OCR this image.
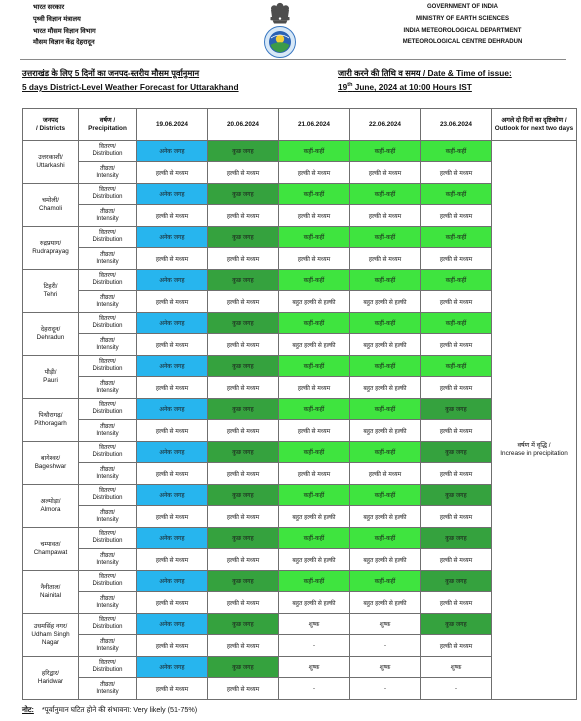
भारत सरकार
पृथ्वी विज्ञान मंत्रालय
भारत मौसम विज्ञान विभाग
मौसम विज्ञान केंद्र देहरादून
GOVERNMENT OF INDIA
MINISTRY OF EARTH SCIENCES
INDIA METEOROLOGICAL DEPARTMENT
METEOROLOGICAL CENTRE DEHRADUN
उत्तराखंड के लिए 5 दिनों का जनपद-स्तरीय मौसम पूर्वानुमान
5 days District-Level Weather Forecast for Uttarakhand
जारी करने की तिथि व समय / Date & Time of issue:
19th June, 2024 at 10:00 Hours IST
जनपद
/ Districts	वर्षण /
Precipitation	19.06.2024	20.06.2024	21.06.2024	22.06.2024	23.06.2024	अगले दो दिनों का दृष्टिकोण / Outlook for next two days

उत्तरकाशी/
Uttarkashi	वितरण/
Distribution	अनेक जगह	कुछ जगह	कहीं-कहीं	कहीं-कहीं	कहीं-कहीं	वर्षण में वृद्धि /
Increase in precipitation

	तीव्रता/
Intensity	हल्की से मध्यम	हल्की से मध्यम	हल्की से मध्यम	हल्की से मध्यम	हल्की से मध्यम	

चमोली/
Chamoli	वितरण/
Distribution	अनेक जगह	कुछ जगह	कहीं-कहीं	कहीं-कहीं	कहीं-कहीं	

	तीव्रता/
Intensity	हल्की से मध्यम	हल्की से मध्यम	हल्की से मध्यम	हल्की से मध्यम	हल्की से मध्यम	

रुद्रप्रयाग/
Rudraprayag	वितरण/
Distribution	अनेक जगह	कुछ जगह	कहीं-कहीं	कहीं-कहीं	कहीं-कहीं	

	तीव्रता/
Intensity	हल्की से मध्यम	हल्की से मध्यम	हल्की से मध्यम	हल्की से मध्यम	हल्की से मध्यम	

टिहरी/
Tehri	वितरण/
Distribution	अनेक जगह	कुछ जगह	कहीं-कहीं	कहीं-कहीं	कहीं-कहीं	

	तीव्रता/
Intensity	हल्की से मध्यम	हल्की से मध्यम	बहुत हल्की से हल्की	बहुत हल्की से हल्की	हल्की से मध्यम	

देहरादून/
Dehradun	वितरण/
Distribution	अनेक जगह	कुछ जगह	कहीं-कहीं	कहीं-कहीं	कहीं-कहीं	

	तीव्रता/
Intensity	हल्की से मध्यम	हल्की से मध्यम	बहुत हल्की से हल्की	बहुत हल्की से हल्की	हल्की से मध्यम	

पौड़ी/
Pauri	वितरण/
Distribution	अनेक जगह	कुछ जगह	कहीं-कहीं	कहीं-कहीं	कहीं-कहीं	

	तीव्रता/
Intensity	हल्की से मध्यम	हल्की से मध्यम	हल्की से मध्यम	बहुत हल्की से हल्की	हल्की से मध्यम	

पिथौरागढ़/
Pithoragarh	वितरण/
Distribution	अनेक जगह	कुछ जगह	कहीं-कहीं	कहीं-कहीं	कुछ जगह	

	तीव्रता/
Intensity	हल्की से मध्यम	हल्की से मध्यम	हल्की से मध्यम	बहुत हल्की से हल्की	हल्की से मध्यम	

बागेश्वर/
Bageshwar	वितरण/
Distribution	अनेक जगह	कुछ जगह	कहीं-कहीं	कहीं-कहीं	कुछ जगह	

	तीव्रता/
Intensity	हल्की से मध्यम	हल्की से मध्यम	हल्की से मध्यम	हल्की से मध्यम	हल्की से मध्यम	

अल्मोड़ा/
Almora	वितरण/
Distribution	अनेक जगह	कुछ जगह	कहीं-कहीं	कहीं-कहीं	कुछ जगह	

	तीव्रता/
Intensity	हल्की से मध्यम	हल्की से मध्यम	बहुत हल्की से हल्की	बहुत हल्की से हल्की	हल्की से मध्यम	

चम्पावत/
Champawat	वितरण/
Distribution	अनेक जगह	कुछ जगह	कहीं-कहीं	कहीं-कहीं	कुछ जगह	

	तीव्रता/
Intensity	हल्की से मध्यम	हल्की से मध्यम	बहुत हल्की से हल्की	बहुत हल्की से हल्की	हल्की से मध्यम	

नैनीताल/
Nainital	वितरण/
Distribution	अनेक जगह	कुछ जगह	कहीं-कहीं	कहीं-कहीं	कुछ जगह	

	तीव्रता/
Intensity	हल्की से मध्यम	हल्की से मध्यम	बहुत हल्की से हल्की	बहुत हल्की से हल्की	हल्की से मध्यम	

उधमसिंह नगर/
Udham Singh Nagar	वितरण/
Distribution	अनेक जगह	कुछ जगह	शुष्क	शुष्क	कुछ जगह	

	तीव्रता/
Intensity	हल्की से मध्यम	हल्की से मध्यम	-	-	हल्की से मध्यम	

हरिद्वार/
Haridwar	वितरण/
Distribution	अनेक जगह	कुछ जगह	शुष्क	शुष्क	शुष्क	

	तीव्रता/
Intensity	हल्की से मध्यम	हल्की से मध्यम	-	-	-	
नोट: *पूर्वानुमान घटित होने की संभावना: Very likely (51-75%)
